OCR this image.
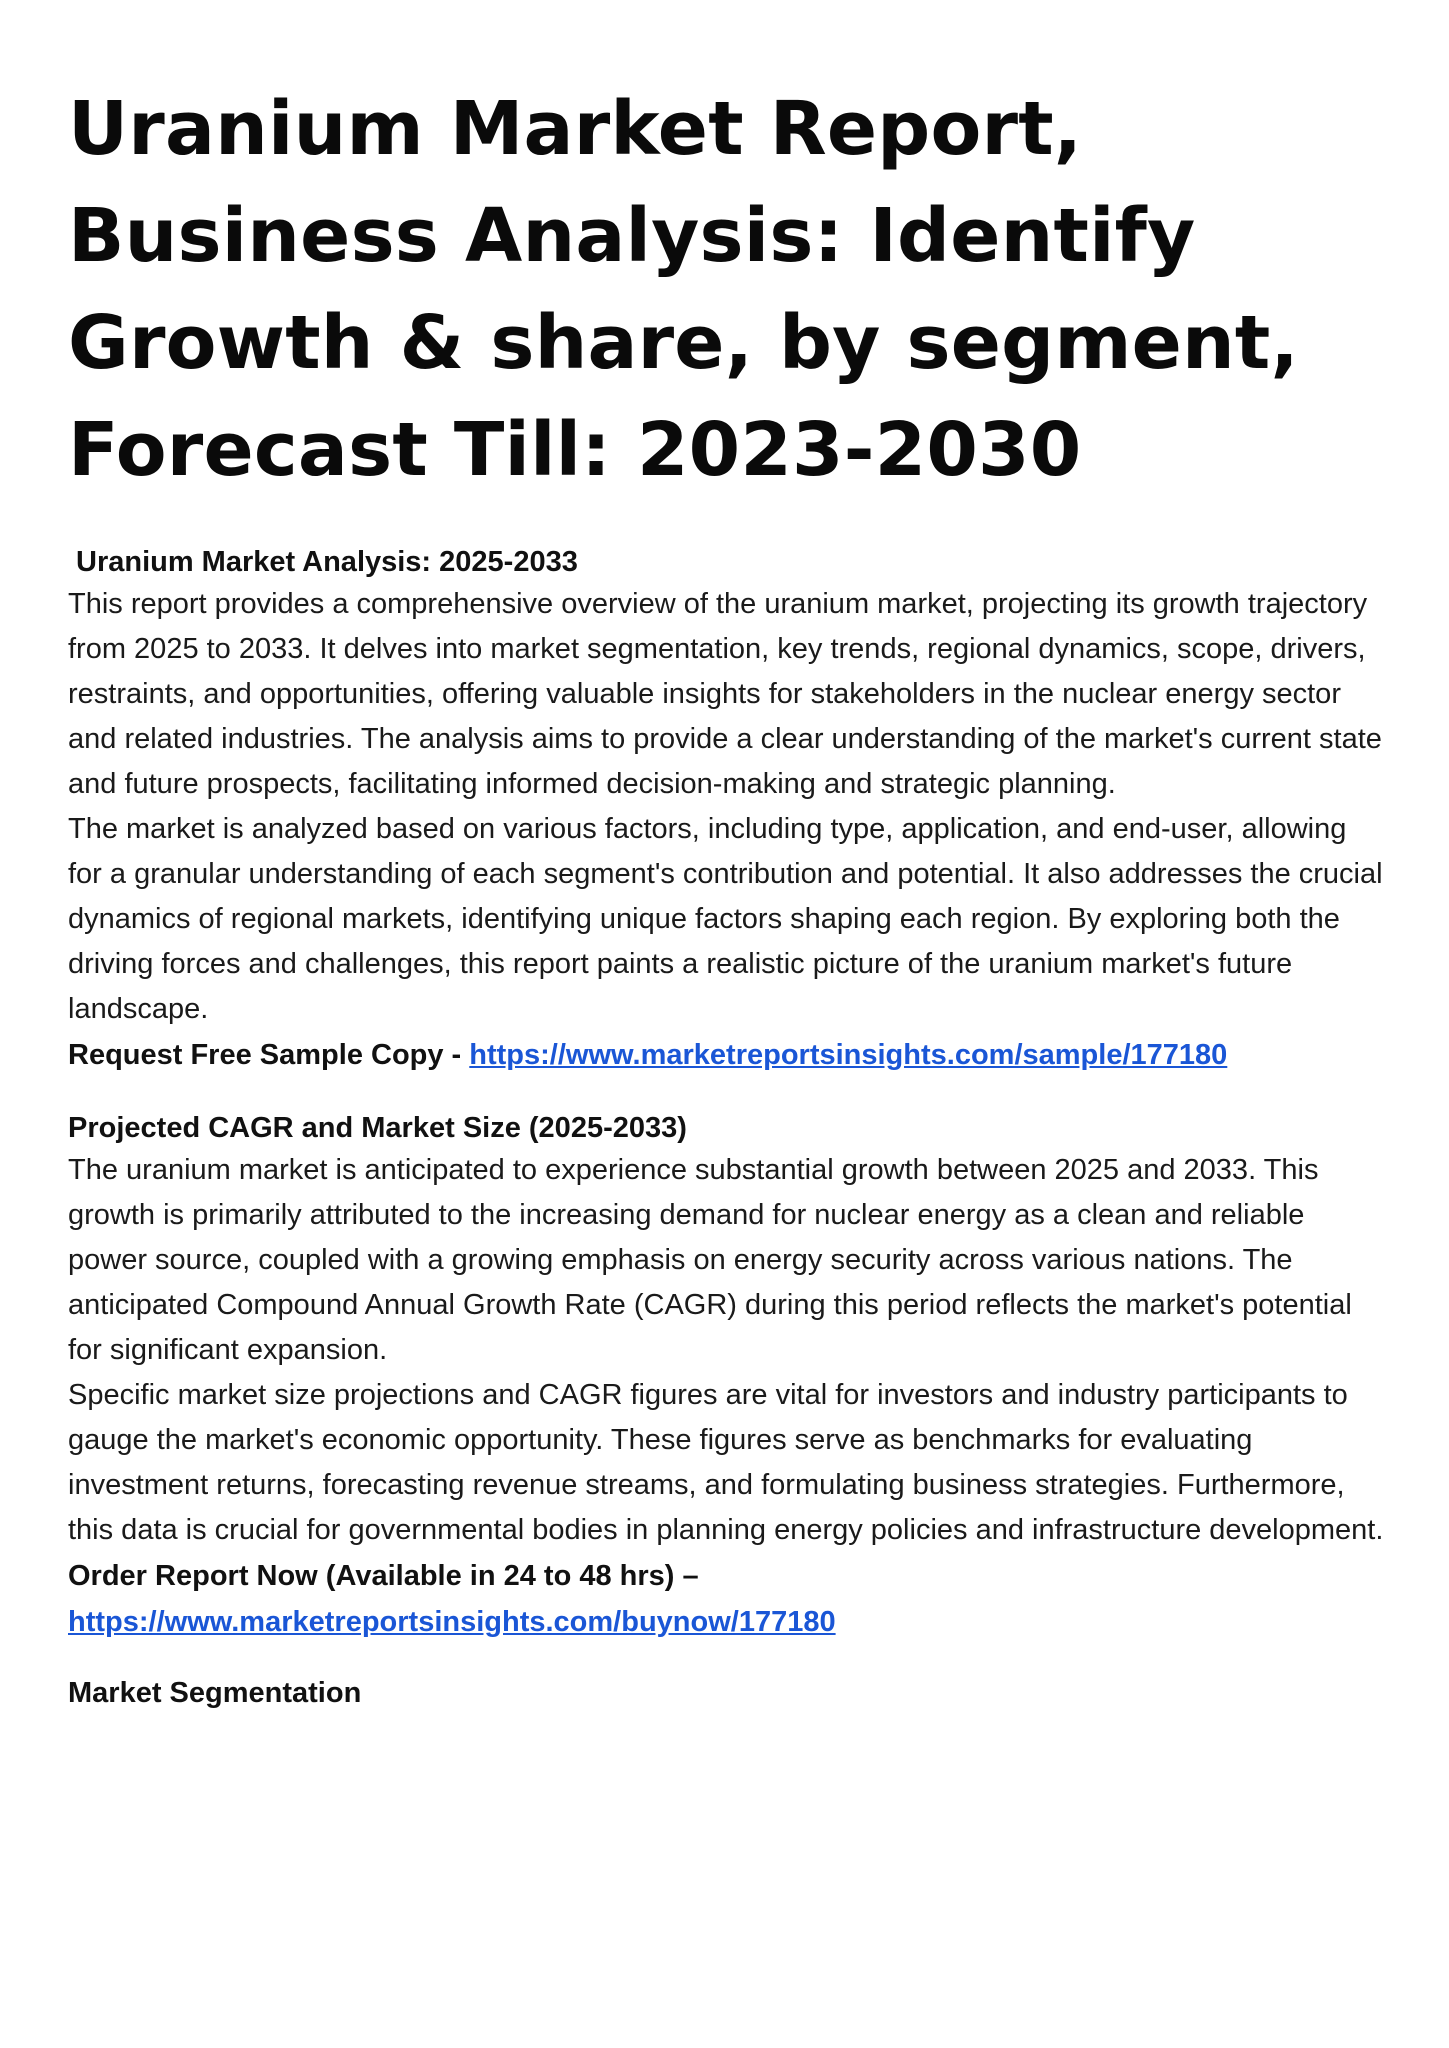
Uranium Market Report, Business Analysis: Identify Growth & share, by segment, Forecast Till: 2023-2030
Uranium Market Analysis: 2025-2033

This report provides a comprehensive overview of the uranium market, projecting its growth trajectory from 2025 to 2033. It delves into market segmentation, key trends, regional dynamics, scope, drivers, restraints, and opportunities, offering valuable insights for stakeholders in the nuclear energy sector and related industries. The analysis aims to provide a clear understanding of the market's current state and future prospects, facilitating informed decision-making and strategic planning.

The market is analyzed based on various factors, including type, application, and end-user, allowing for a granular understanding of each segment's contribution and potential. It also addresses the crucial dynamics of regional markets, identifying unique factors shaping each region. By exploring both the driving forces and challenges, this report paints a realistic picture of the uranium market's future landscape.

Request Free Sample Copy - https://www.marketreportsinsights.com/sample/177180

Projected CAGR and Market Size (2025-2033)

The uranium market is anticipated to experience substantial growth between 2025 and 2033. This growth is primarily attributed to the increasing demand for nuclear energy as a clean and reliable power source, coupled with a growing emphasis on energy security across various nations. The anticipated Compound Annual Growth Rate (CAGR) during this period reflects the market's potential for significant expansion.

Specific market size projections and CAGR figures are vital for investors and industry participants to gauge the market's economic opportunity. These figures serve as benchmarks for evaluating investment returns, forecasting revenue streams, and formulating business strategies. Furthermore, this data is crucial for governmental bodies in planning energy policies and infrastructure development.

Order Report Now (Available in 24 to 48 hrs) –
https://www.marketreportsinsights.com/buynow/177180

Market Segmentation
